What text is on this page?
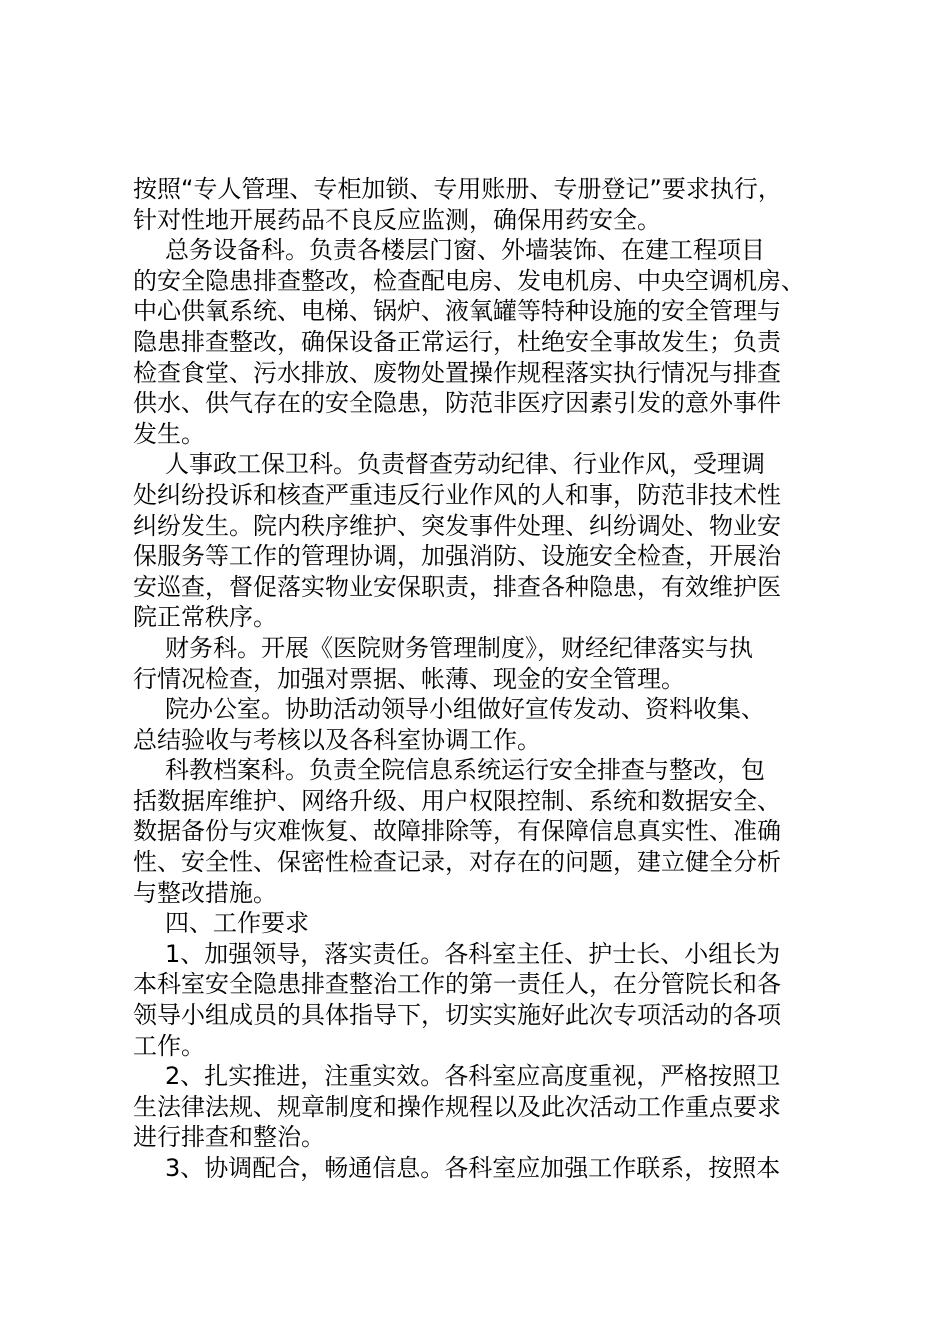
按照“专人管理、专柜加锁、专用账册、专册登记”要求执行，
针对性地开展药品不良反应监测，确保用药安全。
总务设备科。负责各楼层门窗、外墙装饰、在建工程项目
的安全隐患排查整改，检查配电房、发电机房、中央空调机房、
中心供氧系统、电梯、锅炉、液氧罐等特种设施的安全管理与
隐患排查整改，确保设备正常运行，杜绝安全事故发生；负责
检查食堂、污水排放、废物处置操作规程落实执行情况与排查
供水、供气存在的安全隐患，防范非医疗因素引发的意外事件
发生。
人事政工保卫科。负责督查劳动纪律、行业作风，受理调
处纠纷投诉和核查严重违反行业作风的人和事，防范非技术性
纠纷发生。院内秩序维护、突发事件处理、纠纷调处、物业安
保服务等工作的管理协调，加强消防、设施安全检查，开展治
安巡查，督促落实物业安保职责，排查各种隐患，有效维护医
院正常秩序。
财务科。开展《医院财务管理制度》，财经纪律落实与执
行情况检查，加强对票据、帐薄、现金的安全管理。
院办公室。协助活动领导小组做好宣传发动、资料收集、
总结验收与考核以及各科室协调工作。
科教档案科。负责全院信息系统运行安全排查与整改，包
括数据库维护、网络升级、用户权限控制、系统和数据安全、
数据备份与灾难恢复、故障排除等，有保障信息真实性、准确
性、安全性、保密性检查记录，对存在的问题，建立健全分析
与整改措施。
四、工作要求
1、加强领导，落实责任。各科室主任、护士长、小组长为
本科室安全隐患排查整治工作的第一责任人，在分管院长和各
领导小组成员的具体指导下，切实实施好此次专项活动的各项
工作。
2、扎实推进，注重实效。各科室应高度重视，严格按照卫
生法律法规、规章制度和操作规程以及此次活动工作重点要求
进行排查和整治。
3、协调配合，畅通信息。各科室应加强工作联系，按照本
